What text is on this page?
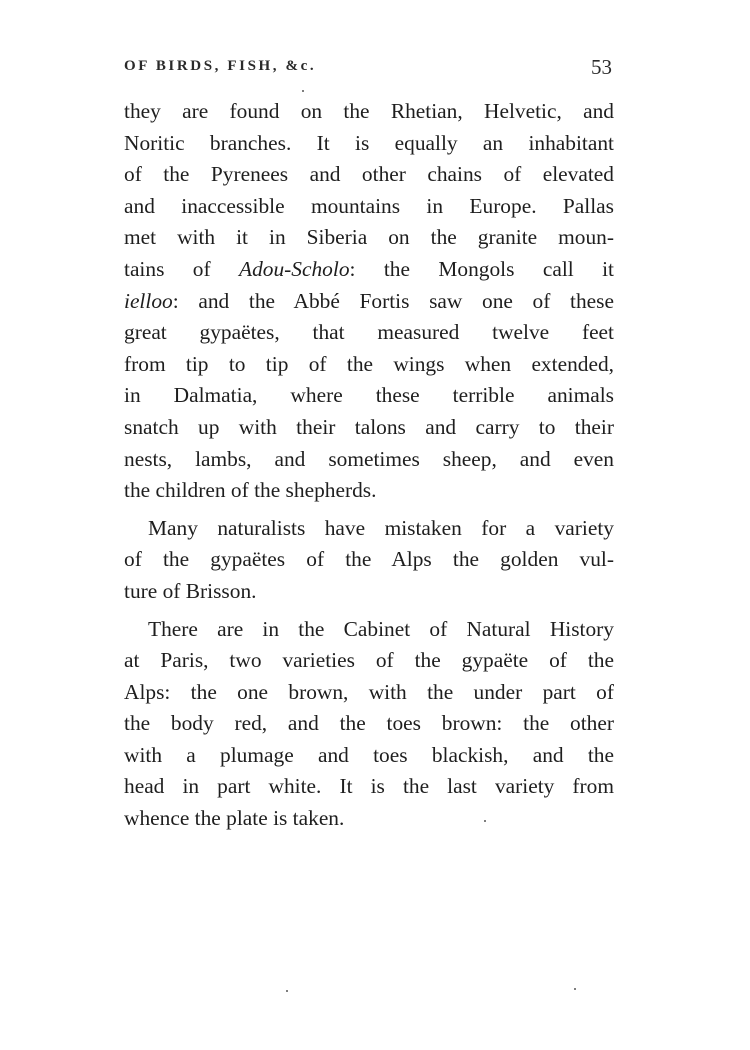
OF BIRDS, FISH, &c.	53
they are found on the Rhetian, Helvetic, and
Noritic branches. It is equally an inhabitant
of the Pyrenees and other chains of elevated
and inaccessible mountains in Europe. Pallas
met with it in Siberia on the granite moun-
tains of Adou-Scholo: the Mongols call it
ielloo: and the Abbé Fortis saw one of these
great gypaëtes, that measured twelve feet
from tip to tip of the wings when extended,
in Dalmatia, where these terrible animals
snatch up with their talons and carry to their
nests, lambs, and sometimes sheep, and even
the children of the shepherds.
Many naturalists have mistaken for a variety
of the gypaëtes of the Alps the golden vul-
ture of Brisson.
There are in the Cabinet of Natural History
at Paris, two varieties of the gypaëte of the
Alps: the one brown, with the under part of
the body red, and the toes brown: the other
with a plumage and toes blackish, and the
head in part white. It is the last variety from
whence the plate is taken.
